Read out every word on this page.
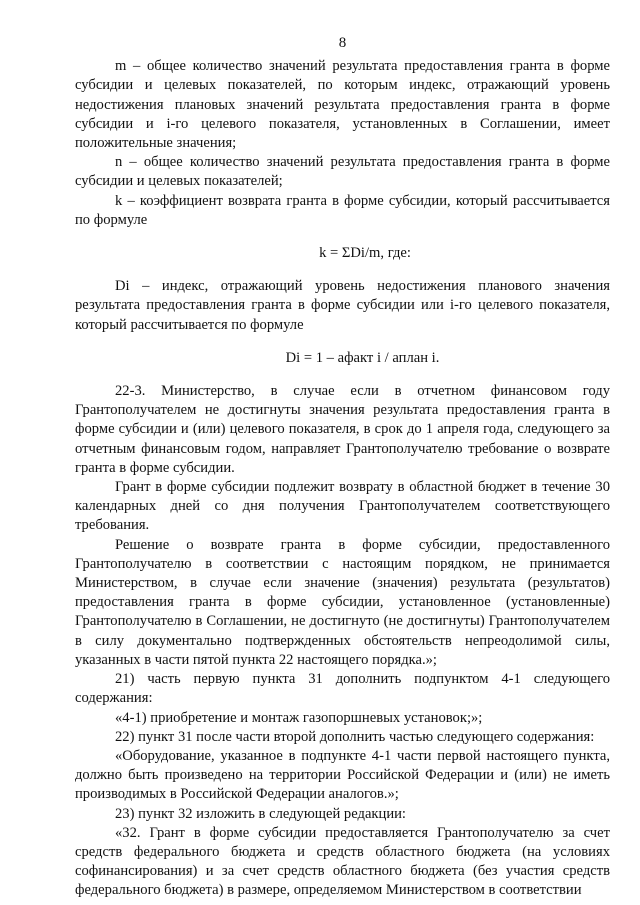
8

m – общее количество значений результата предоставления гранта в форме субсидии и целевых показателей, по которым индекс, отражающий уровень недостижения плановых значений результата предоставления гранта в форме субсидии и i-го целевого показателя, установленных в Соглашении, имеет положительные значения;

n – общее количество значений результата предоставления гранта в форме субсидии и целевых показателей;

k – коэффициент возврата гранта в форме субсидии, который рассчитывается по формуле

k = ΣDi/m, где:

Di – индекс, отражающий уровень недостижения планового значения результата предоставления гранта в форме субсидии или i-го целевого показателя, который рассчитывается по формуле

Di = 1 – афакт i / аплан i.

22-3. Министерство, в случае если в отчетном финансовом году Грантополучателем не достигнуты значения результата предоставления гранта в форме субсидии и (или) целевого показателя, в срок до 1 апреля года, следующего за отчетным финансовым годом, направляет Грантополучателю требование о возврате гранта в форме субсидии.

Грант в форме субсидии подлежит возврату в областной бюджет в течение 30 календарных дней со дня получения Грантополучателем соответствующего требования.

Решение о возврате гранта в форме субсидии, предоставленного Грантополучателю в соответствии с настоящим порядком, не принимается Министерством, в случае если значение (значения) результата (результатов) предоставления гранта в форме субсидии, установленное (установленные) Грантополучателю в Соглашении, не достигнуто (не достигнуты) Грантополучателем в силу документально подтвержденных обстоятельств непреодолимой силы, указанных в части пятой пункта 22 настоящего порядка.»;

21) часть первую пункта 31 дополнить подпунктом 4-1 следующего содержания:

«4-1) приобретение и монтаж газопоршневых установок;»;

22) пункт 31 после части второй дополнить частью следующего содержания:

«Оборудование, указанное в подпункте 4-1 части первой настоящего пункта, должно быть произведено на территории Российской Федерации и (или) не иметь производимых в Российской Федерации аналогов.»;

23) пункт 32 изложить в следующей редакции:

«32. Грант в форме субсидии предоставляется Грантополучателю за счет средств федерального бюджета и средств областного бюджета (на условиях софинансирования) и за счет средств областного бюджета (без участия средств федерального бюджета) в размере, определяемом Министерством в соответствии
